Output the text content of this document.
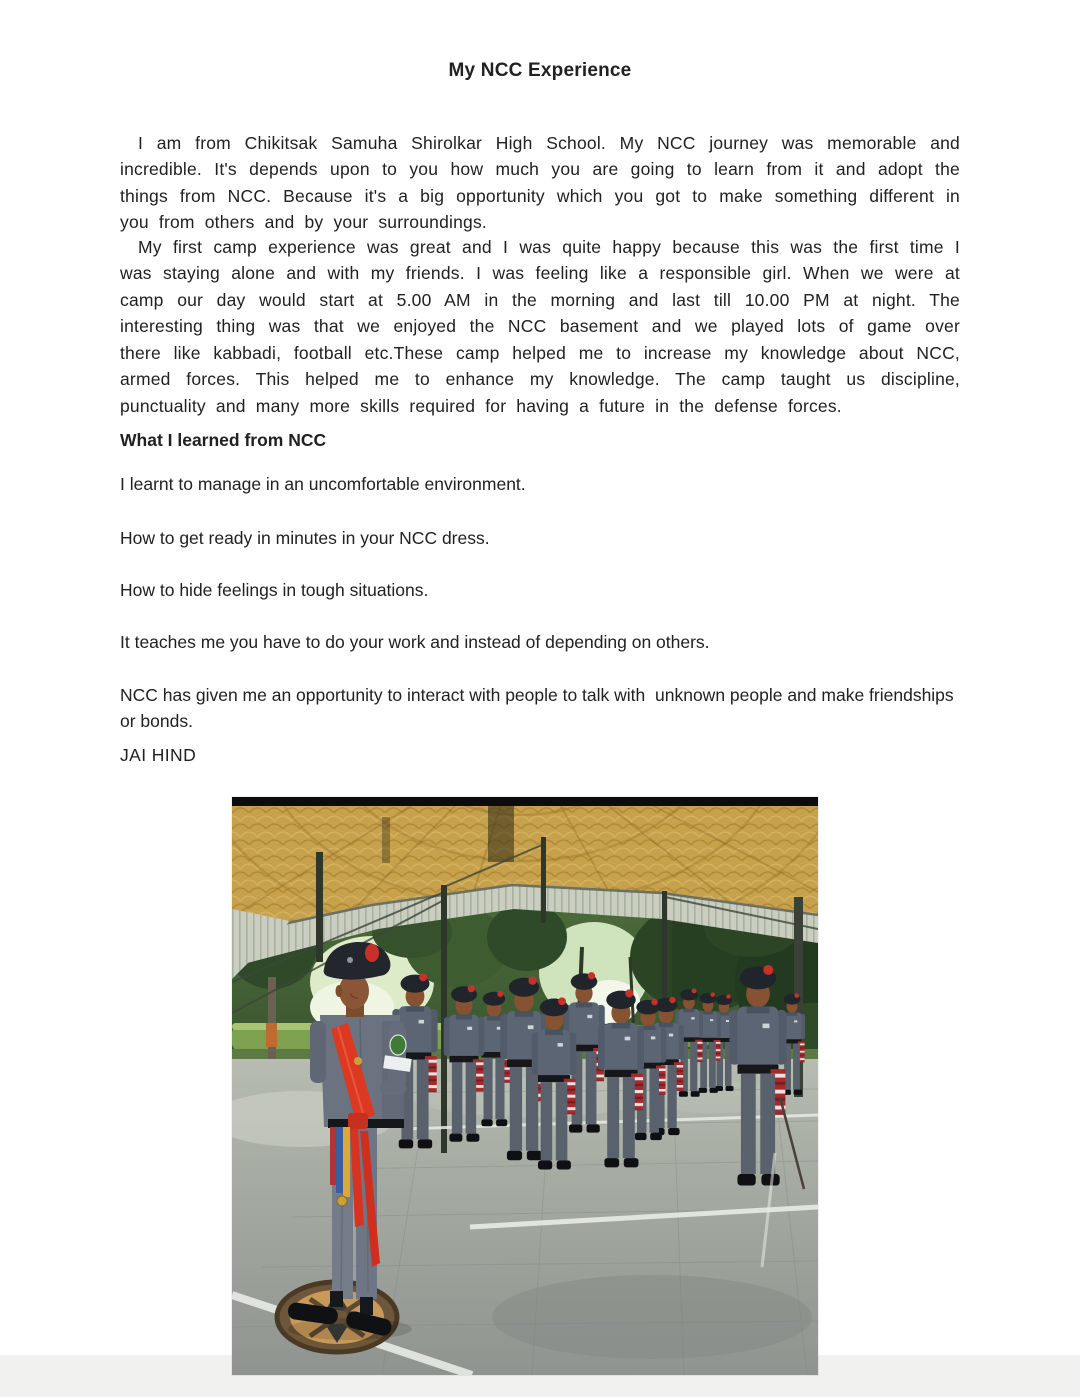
My NCC Experience

I am from Chikitsak Samuha Shirolkar High School. My NCC journey was memorable and incredible. It's depends upon to you how much you are going to learn from it and adopt the things from NCC. Because it's a big opportunity which you got to make something different in you from others and by your surroundings.

My first camp experience was great and I was quite happy because this was the first time I was staying alone and with my friends. I was feeling like a responsible girl. When we were at camp our day would start at 5.00 AM in the morning and last till 10.00 PM at night. The interesting thing was that we enjoyed the NCC basement and we played lots of game over there like kabbadi, football etc.These camp helped me to increase my knowledge about NCC, armed forces. This helped me to enhance my knowledge. The camp taught us discipline, punctuality and many more skills required for having a future in the defense forces.

What I learned from NCC

I learnt to manage in an uncomfortable environment.

How to get ready in minutes in your NCC dress.

How to hide feelings in tough situations.

It teaches me you have to do your work and instead of depending on others.

NCC has given me an opportunity to interact with people to talk with  unknown people and make friendships or bonds.

JAI HIND
